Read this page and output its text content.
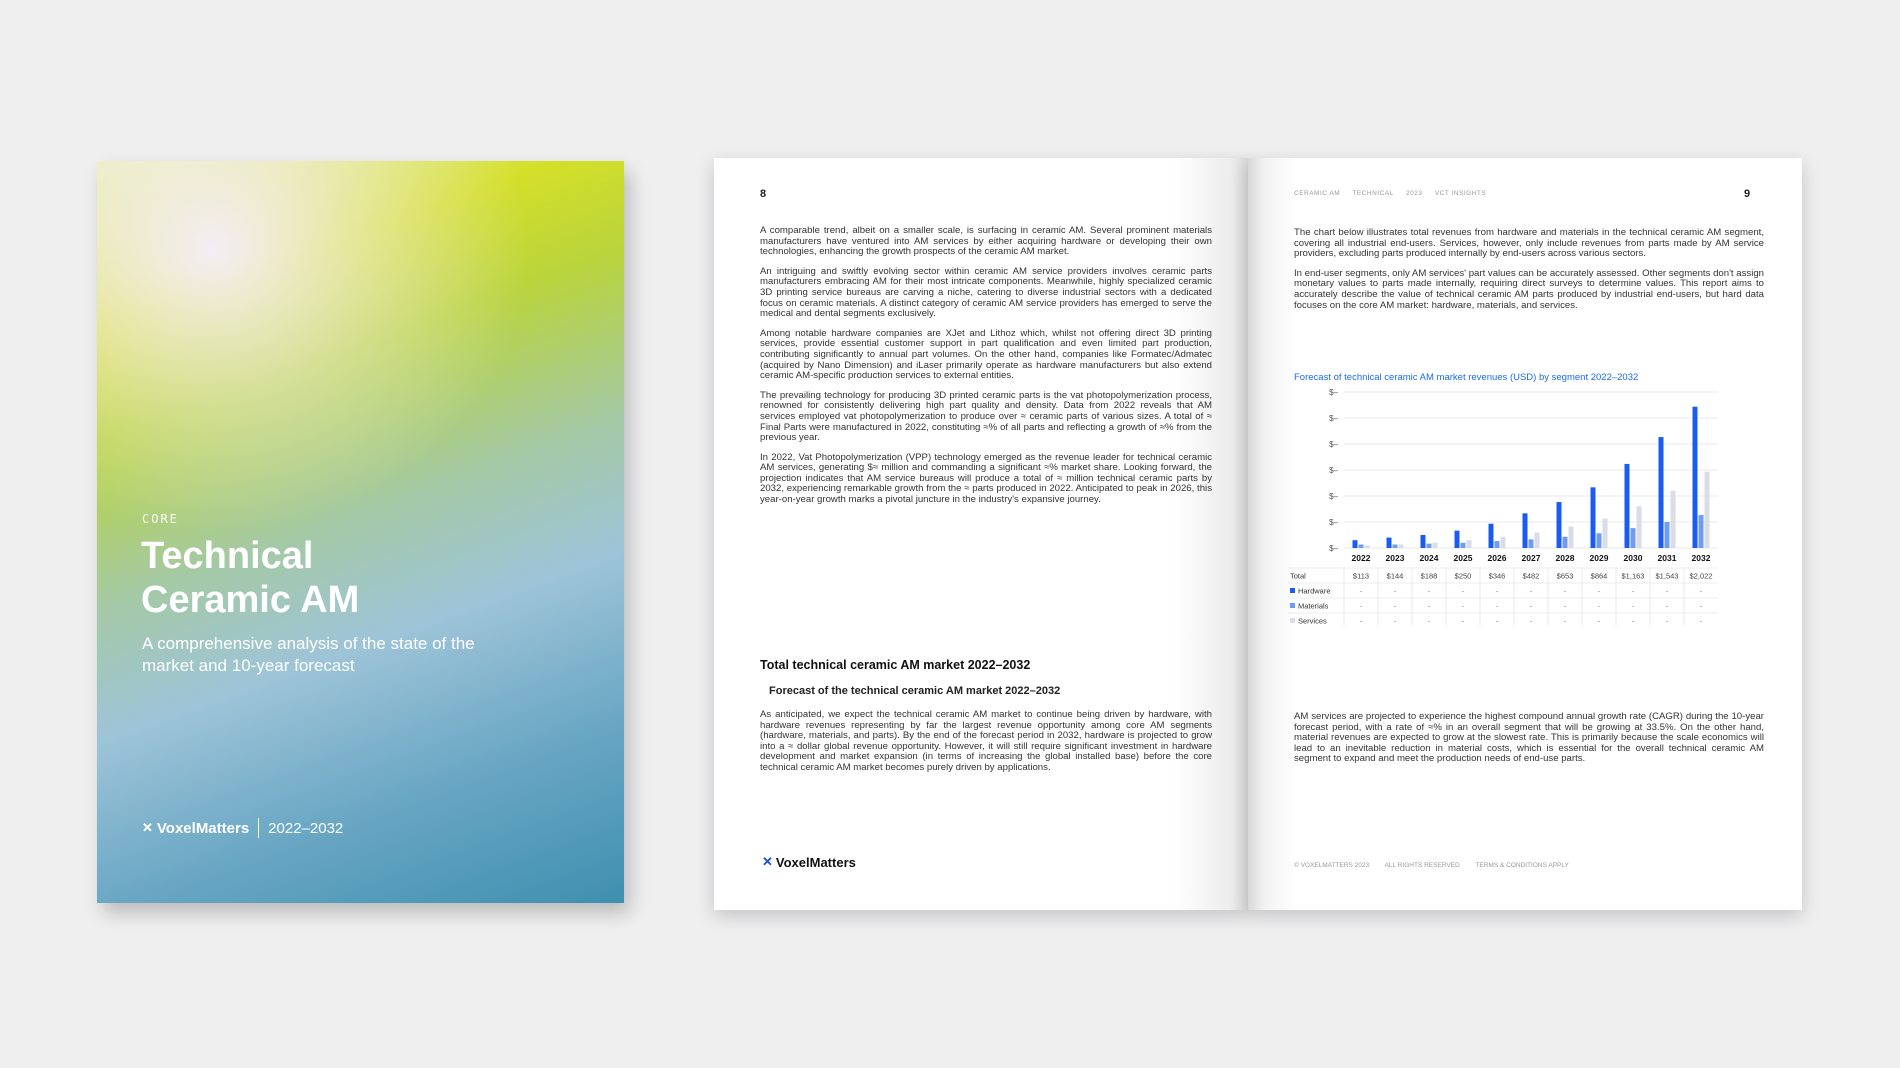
CORE
Technical
Ceramic AM
A comprehensive analysis of the state of the market and 10-year forecast
✕ VoxelMatters 2022–2032
8

A comparable trend, albeit on a smaller scale, is surfacing in ceramic AM. Several prominent materials manufacturers have ventured into AM services by either acquiring hardware or developing their own technologies, enhancing the growth prospects of the ceramic AM market.

An intriguing and swiftly evolving sector within ceramic AM service providers involves ceramic parts manufacturers embracing AM for their most intricate components. Meanwhile, highly specialized ceramic 3D printing service bureaus are carving a niche, catering to diverse industrial sectors with a dedicated focus on ceramic materials. A distinct category of ceramic AM service providers has emerged to serve the medical and dental segments exclusively.

Among notable hardware companies are XJet and Lithoz which, whilst not offering direct 3D printing services, provide essential customer support in part qualification and even limited part production, contributing significantly to annual part volumes. On the other hand, companies like Formatec/Admatec (acquired by Nano Dimension) and iLaser primarily operate as hardware manufacturers but also extend ceramic AM-specific production services to external entities.

The prevailing technology for producing 3D printed ceramic parts is the vat photopolymerization process, renowned for consistently delivering high part quality and density. Data from 2022 reveals that AM services employed vat photopolymerization to produce over ≈ ceramic parts of various sizes. A total of ≈ Final Parts were manufactured in 2022, constituting ≈% of all parts and reflecting a growth of ≈% from the previous year.

In 2022, Vat Photopolymerization (VPP) technology emerged as the revenue leader for technical ceramic AM services, generating $≈ million and commanding a significant ≈% market share. Looking forward, the projection indicates that AM service bureaus will produce a total of ≈ million technical ceramic parts by 2032, experiencing remarkable growth from the ≈ parts produced in 2022. Anticipated to peak in 2026, this year-on-year growth marks a pivotal juncture in the industry's expansive journey.

Total technical ceramic AM market 2022–2032
Forecast of the technical ceramic AM market 2022–2032
As anticipated, we expect the technical ceramic AM market to continue being driven by hardware, with hardware revenues representing by far the largest revenue opportunity among core AM segments (hardware, materials, and parts). By the end of the forecast period in 2032, hardware is projected to grow into a ≈ dollar global revenue opportunity. However, it will still require significant investment in hardware development and market expansion (in terms of increasing the global installed base) before the core technical ceramic AM market becomes purely driven by applications.
✕ VoxelMatters
CERAMIC AM TECHNICAL 2023 VCT INSIGHTS	9

The chart below illustrates total revenues from hardware and materials in the technical ceramic AM segment, covering all industrial end-users. Services, however, only include revenues from parts made by AM service providers, excluding parts produced internally by end-users across various sectors.

In end-user segments, only AM services' part values can be accurately assessed. Other segments don't assign monetary values to parts made internally, requiring direct surveys to determine values. This report aims to accurately describe the value of technical ceramic AM parts produced by industrial end-users, but hard data focuses on the core AM market: hardware, materials, and services.

Forecast of technical ceramic AM market revenues (USD) by segment 2022–2032
$–
$–
$–
$–
$–
$–
$–
2022 2023 2024 2025 2026 2027 2028 2029 2030 2031 2032
Total	$113 $144 $188 $250 $346 $482 $653 $864 $1,163 $1,543 $2,022
Hardware	-	-	-	-	-	-	-	-	-	-	-
Materials	-	-	-	-	-	-	-	-	-	-	-
Services	-	-	-	-	-	-	-	-	-	-	-
AM services are projected to experience the highest compound annual growth rate (CAGR) during the 10-year forecast period, with a rate of ≈% in an overall segment that will be growing at 33.5%. On the other hand, material revenues are expected to grow at the slowest rate. This is primarily because the scale economics will lead to an inevitable reduction in material costs, which is essential for the overall technical ceramic AM segment to expand and meet the production needs of end-use parts.
© VOXELMATTERS 2023 ALL RIGHTS RESERVED TERMS & CONDITIONS APPLY
